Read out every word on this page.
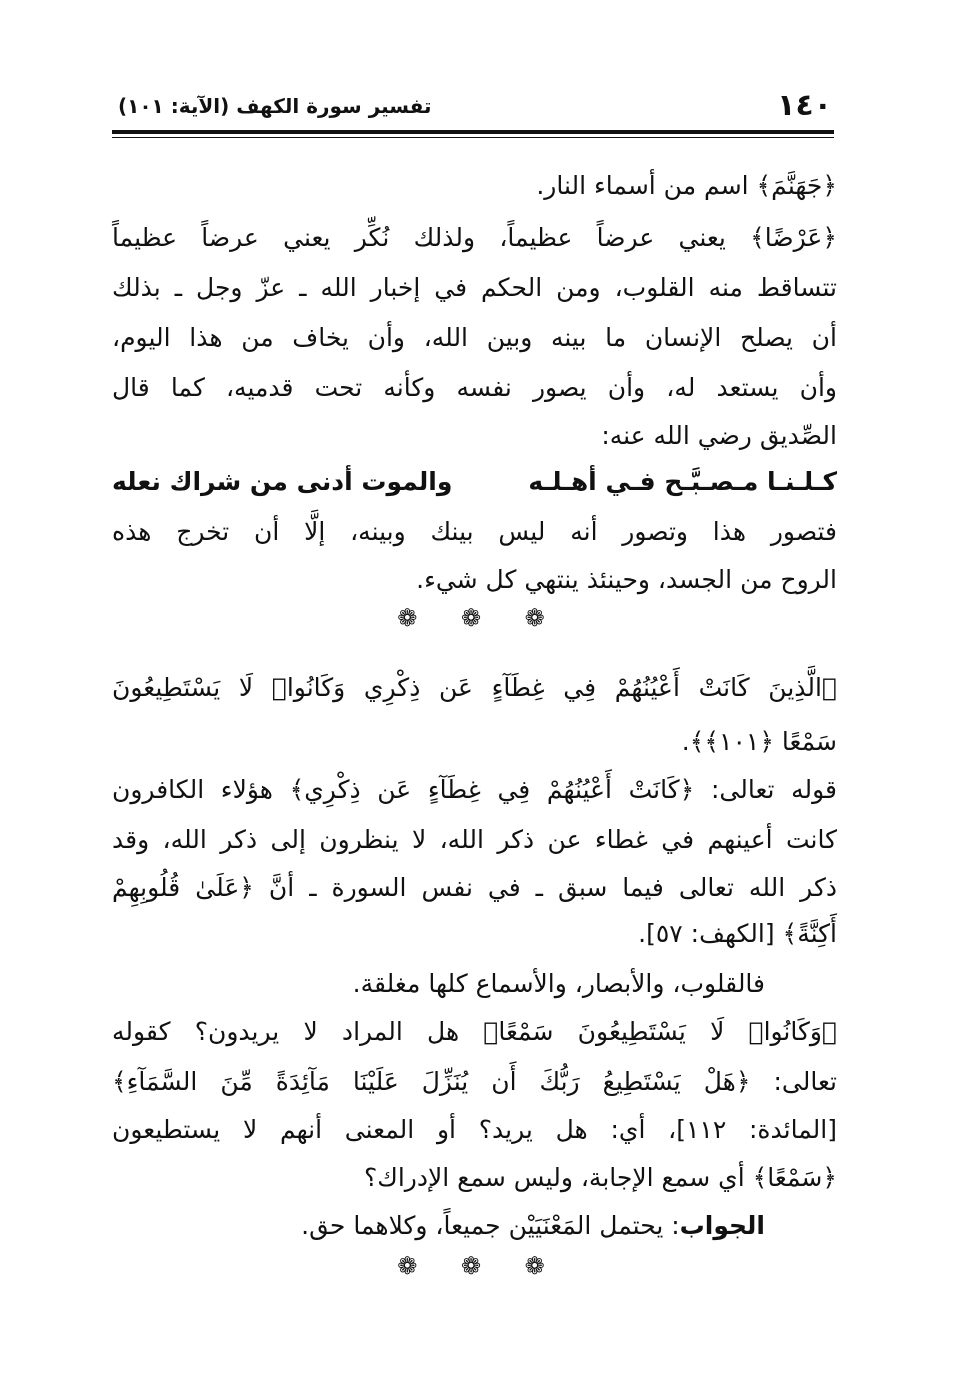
تفسير سورة الكهف (الآية: ١٠١)	١٤٠
﴿جَهَنَّمَ﴾ اسم من أسماء النار.
﴿عَرْضًا﴾ يعني عرضاً عظيماً، ولذلك نُكِّر يعني عرضاً عظيماً
تتساقط منه القلوب، ومن الحكم في إخبار الله ـ عزّ وجل ـ بذلك
أن يصلح الإنسان ما بينه وبين الله، وأن يخاف من هذا اليوم،
وأن يستعد له، وأن يصور نفسه وكأنه تحت قدميه، كما قال
الصِّديق رضي الله عنه:
كـلـنـا مـصـبَّـح فـي أهـلـه
والموت أدنى من شراك نعله
فتصور هذا وتصور أنه ليس بينك وبينه، إلَّا أن تخرج هذه
الروح من الجسد، وحينئذ ينتهي كل شيء.
❁ ❁ ❁
﴿الَّذِينَ كَانَتْ أَعْيُنُهُمْ فِي غِطَآءٍ عَن ذِكْرِي وَكَانُوا۟ لَا يَسْتَطِيعُونَ
سَمْعًا ﴿١٠١﴾﴾.
قوله تعالى: ﴿كَانَتْ أَعْيُنُهُمْ فِي غِطَآءٍ عَن ذِكْرِي﴾ هؤلاء الكافرون
كانت أعينهم في غطاء عن ذكر الله، لا ينظرون إلى ذكر الله، وقد
ذكر الله تعالى فيما سبق ـ في نفس السورة ـ أنَّ ﴿عَلَىٰ قُلُوبِهِمْ
أَكِنَّةً﴾ [الكهف: ٥٧].
فالقلوب، والأبصار، والأسماع كلها مغلقة.
﴿وَكَانُوا۟ لَا يَسْتَطِيعُونَ سَمْعًا﴾ هل المراد لا يريدون؟ كقوله
تعالى: ﴿هَلْ يَسْتَطِيعُ رَبُّكَ أَن يُنَزِّلَ عَلَيْنَا مَآئِدَةً مِّنَ السَّمَآءِ﴾
[المائدة: ١١٢]، أي: هل يريد؟ أو المعنى أنهم لا يستطيعون
﴿سَمْعًا﴾ أي سمع الإجابة، وليس سمع الإدراك؟
الجواب: يحتمل المَعْنَيَيْن جميعاً، وكلاهما حق.
❁ ❁ ❁
